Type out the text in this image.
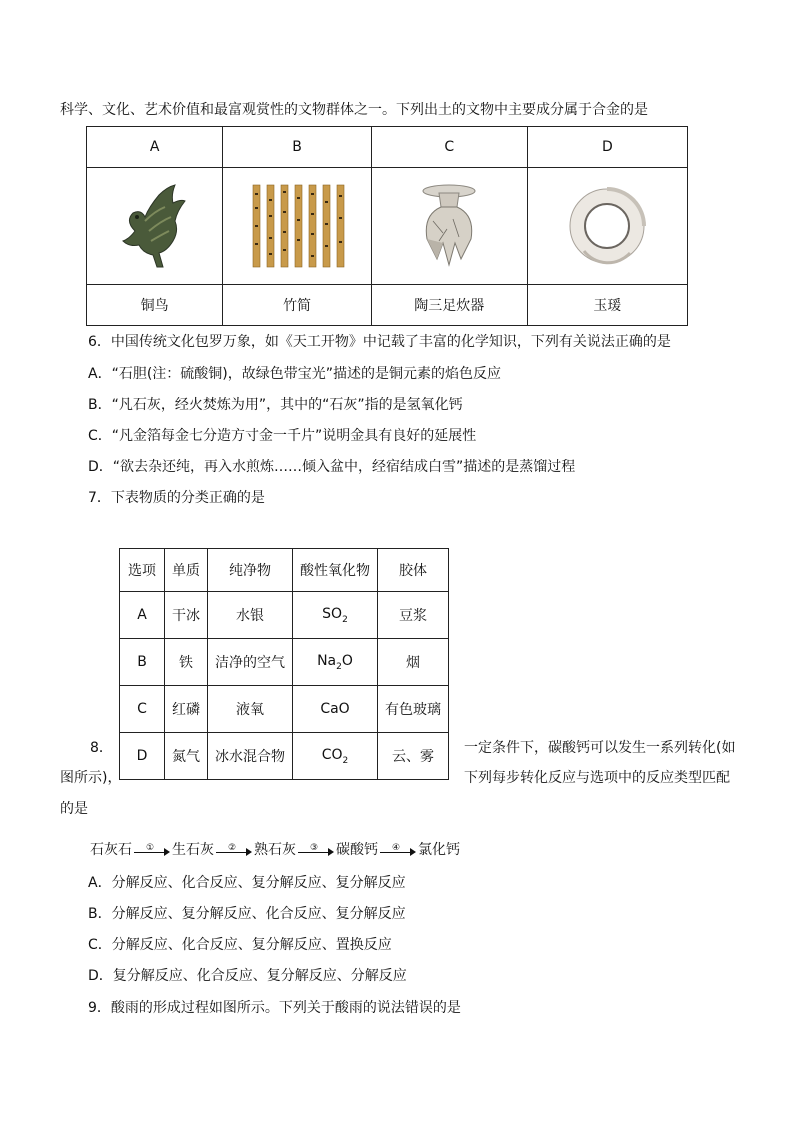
科学、文化、艺术价值和最富观赏性的文物群体之一。下列出土的文物中主要成分属于合金的是
A	B	C	D

铜鸟	竹简	陶三足炊器	玉瑗
6．中国传统文化包罗万象，如《天工开物》中记载了丰富的化学知识，下列有关说法正确的是
A．“石胆(注：硫酸铜)，故绿色带宝光”描述的是铜元素的焰色反应
B．“凡石灰，经火焚炼为用”，其中的“石灰”指的是氢氧化钙
C．“凡金箔每金七分造方寸金一千片”说明金具有良好的延展性
D．“欲去杂还纯，再入水煎炼……倾入盆中，经宿结成白雪”描述的是蒸馏过程
7．下表物质的分类正确的是
选项	单质	纯净物	酸性氧化物	胶体
A	干冰	水银	$SO_2$	豆浆
B	铁	洁净的空气	$Na_2O$	烟
C	红磷	液氧	CaO	有色玻璃
D	氮气	冰水混合物	$CO_2$	云、雾
8．
图所示)，
一定条件下，碳酸钙可以发生一系列转化(如
下列每步转化反应与选项中的反应类型匹配
的是
石灰石 ① 生石灰 ② 熟石灰 ③ 碳酸钙 ④ 氯化钙
A．分解反应、化合反应、复分解反应、复分解反应
B．分解反应、复分解反应、化合反应、复分解反应
C．分解反应、化合反应、复分解反应、置换反应
D．复分解反应、化合反应、复分解反应、分解反应
9．酸雨的形成过程如图所示。下列关于酸雨的说法错误的是
